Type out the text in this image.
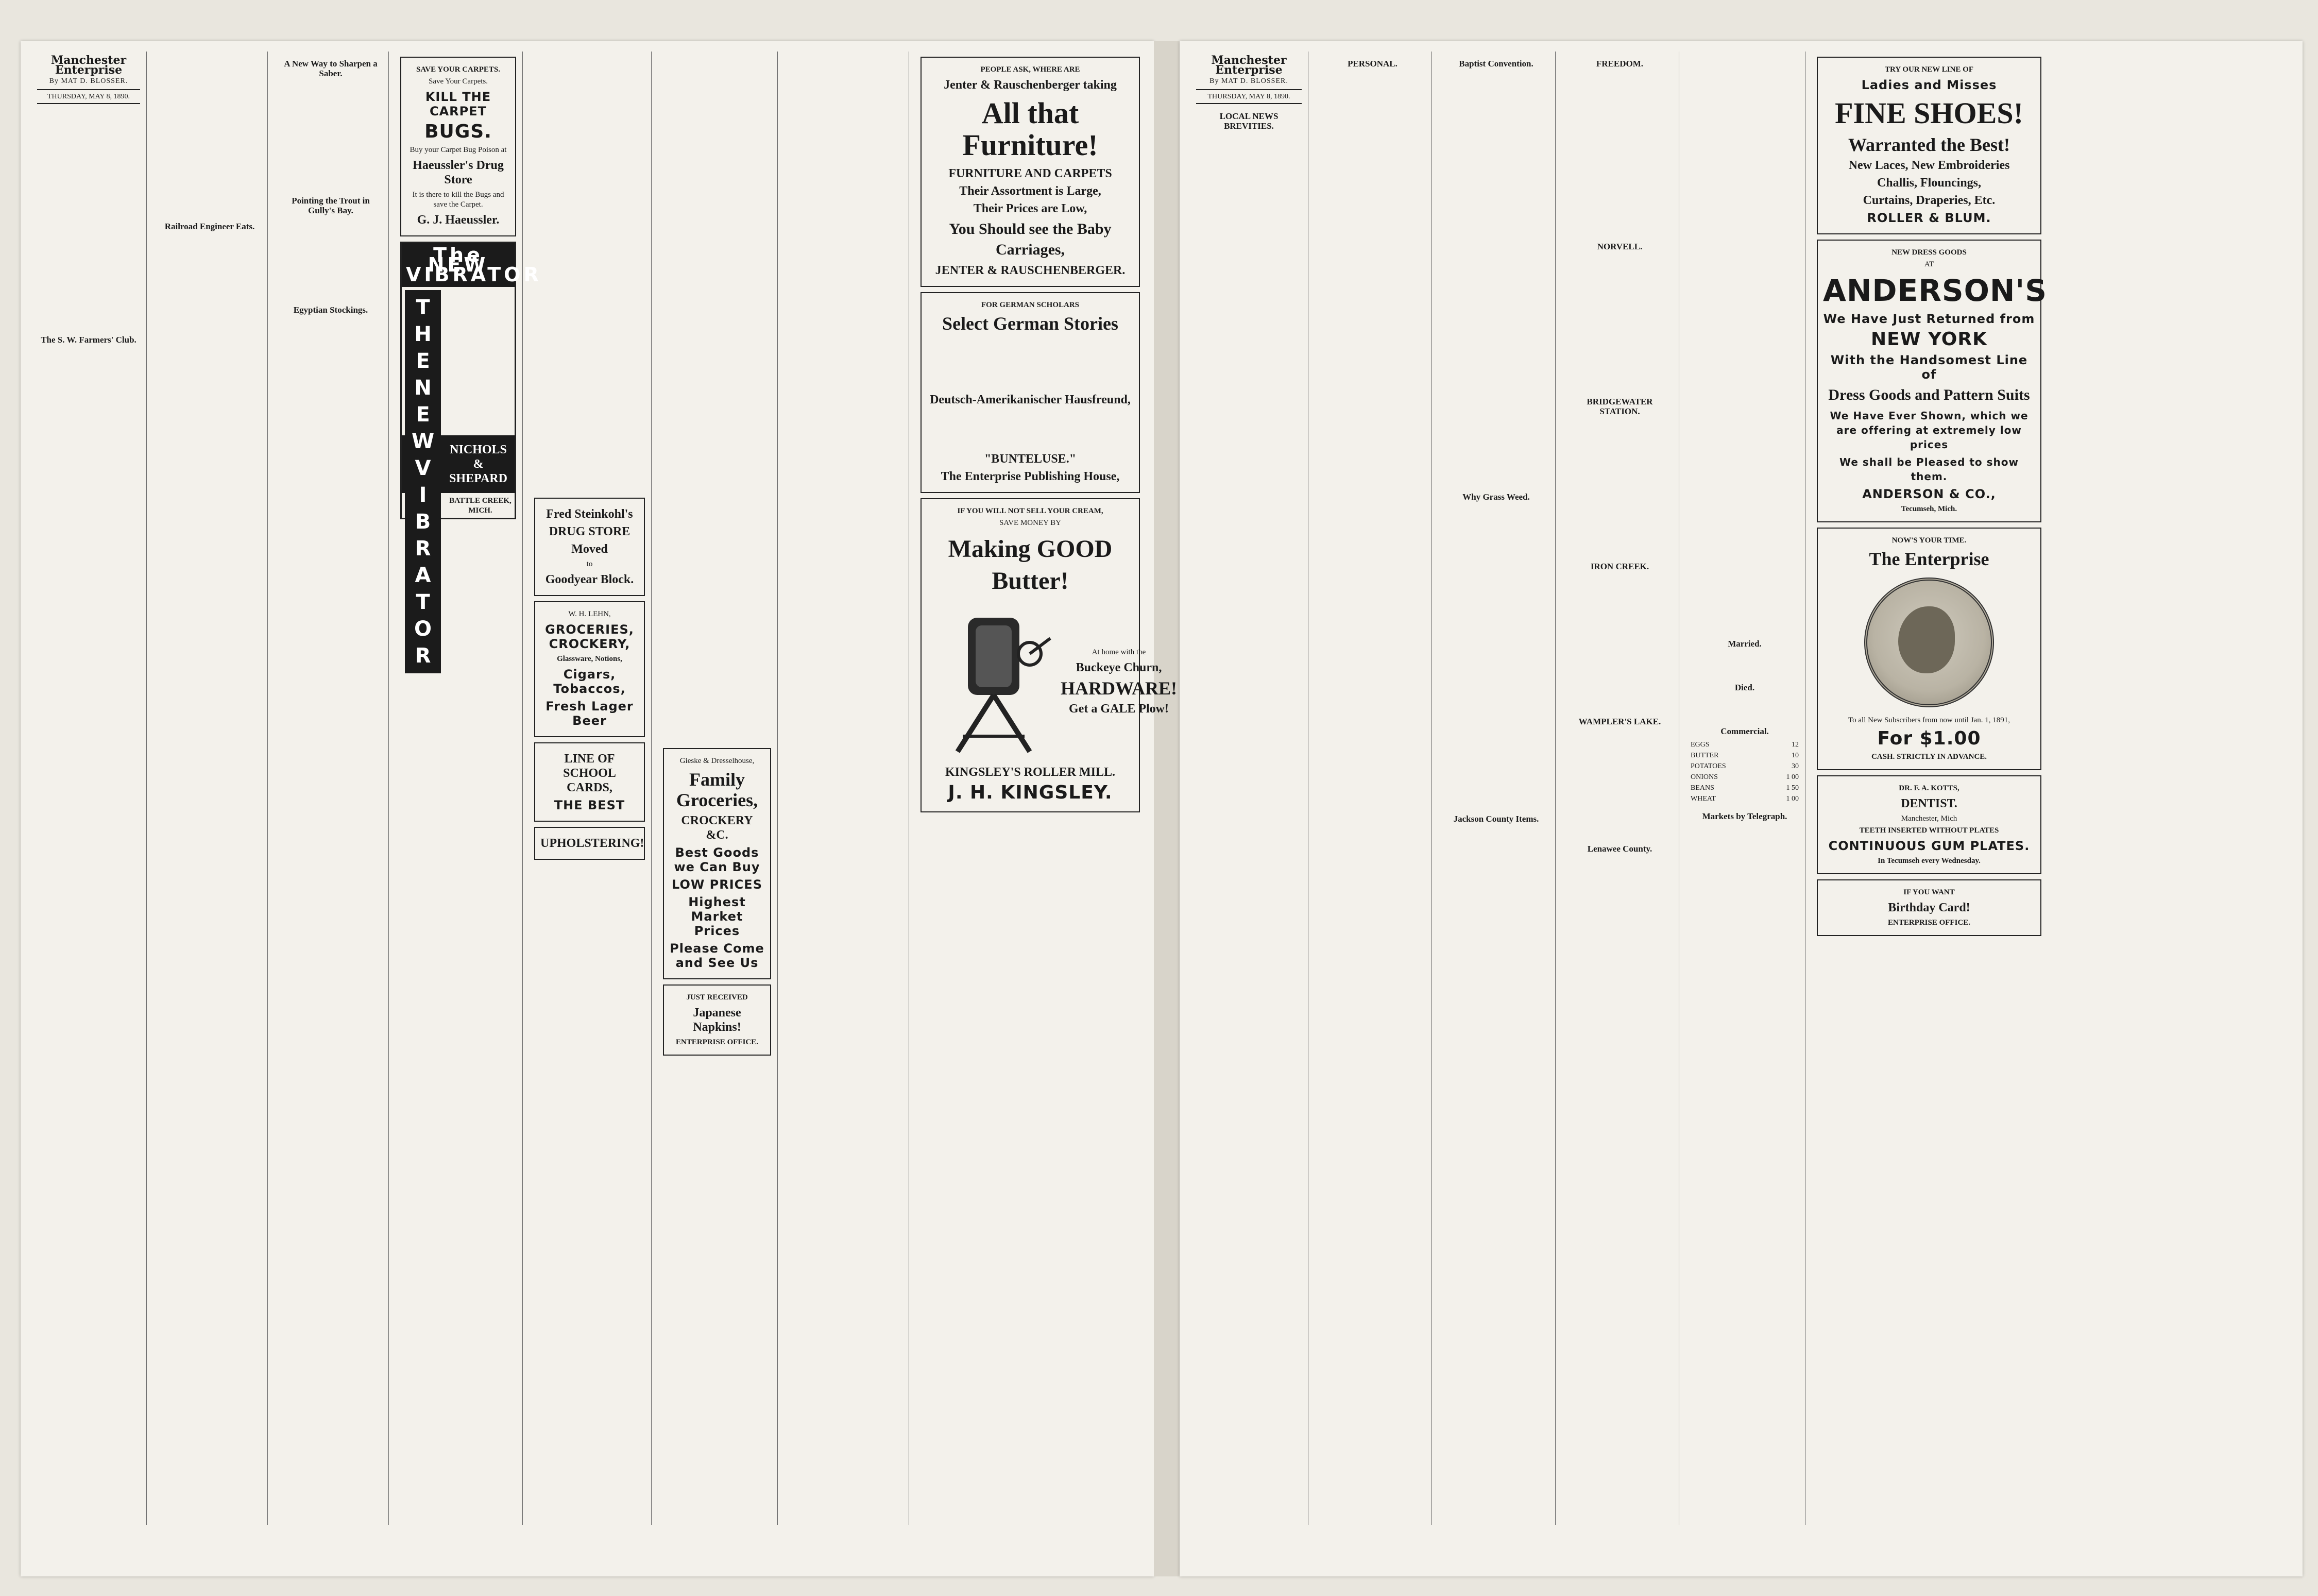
Manchester Enterprise
By MAT D. BLOSSER.
THURSDAY, MAY 8, 1890.

The S. W. Farmers' Club.

Railroad Engineer Eats.

A New Way to Sharpen a Saber.

Pointing the Trout in Gully's Bay.

Egyptian Stockings.

SAVE YOUR CARPETS.
Save Your Carpets.
KILL THE CARPET
BUGS.
Buy your Carpet Bug Poison at
Haeussler's Drug Store
It is there to kill the Bugs and save the Carpet.
G. J. Haeussler.
The NEW VIBRATOR
T
H
E
N
E
W
V
I
B
R
A
T
O
R

NICHOLS & SHEPARD
BATTLE CREEK, MICH.

	Fred Steinkohl's
DRUG STORE
Moved
to
Goodyear Block.
W. H. LEHN,
GROCERIES, CROCKERY,
Glassware, Notions,
Cigars, Tobaccos,
Fresh Lager Beer
LINE OF SCHOOL CARDS,
THE BEST
UPHOLSTERING!

Gieske & Dresselhouse,
Family Groceries,
CROCKERY &C.
Best Goods we Can Buy
LOW PRICES
Highest Market Prices
Please Come and See Us
JUST RECEIVED
Japanese Napkins!
ENTERPRISE OFFICE.

PEOPLE ASK, WHERE ARE
Jenter & Rauschenberger taking
All that Furniture!
FURNITURE AND CARPETS
Their Assortment is Large,
Their Prices are Low,
You Should see the Baby Carriages,
JENTER & RAUSCHENBERGER.
FOR GERMAN SCHOLARS
Select German Stories

Deutsch-Amerikanischer Hausfreund,

"BUNTELUSE."
The Enterprise Publishing House,
IF YOU WILL NOT SELL YOUR CREAM,
SAVE MONEY BY
Making GOOD Butter!
At home with the
Buckeye Churn,
HARDWARE!
Get a GALE Plow!
KINGSLEY'S ROLLER MILL.
J. H. KINGSLEY.
Manchester Enterprise
By MAT D. BLOSSER.
THURSDAY, MAY 8, 1890.
LOCAL NEWS BREVITIES.

PERSONAL.

	Baptist Convention.

Why Grass Weed.

Jackson County Items.

FREEDOM.

NORVELL.

BRIDGEWATER STATION.

IRON CREEK.

WAMPLER'S LAKE.

Lenawee County.

Married.

Died.

Commercial.
EGGS	12
BUTTER	10
POTATOES	30
ONIONS	1 00
BEANS	1 50
WHEAT	1 00
Markets by Telegraph.

TRY OUR NEW LINE OF
Ladies and Misses
FINE SHOES!
Warranted the Best!
New Laces, New Embroideries
Challis, Flouncings,
Curtains, Draperies, Etc.
ROLLER & BLUM.
NEW DRESS GOODS
AT
ANDERSON'S
We Have Just Returned from
NEW YORK
With the Handsomest Line of
Dress Goods and Pattern Suits
We Have Ever Shown, which we are offering at extremely low prices
We shall be Pleased to show them.
ANDERSON & CO.,
Tecumseh, Mich.
NOW'S YOUR TIME.
The Enterprise
To all New Subscribers from now until Jan. 1, 1891,
For $1.00
CASH. STRICTLY IN ADVANCE.
DR. F. A. KOTTS,
DENTIST.
Manchester, Mich
TEETH INSERTED WITHOUT PLATES
CONTINUOUS GUM PLATES.
In Tecumseh every Wednesday.
IF YOU WANT
Birthday Card!
ENTERPRISE OFFICE.
